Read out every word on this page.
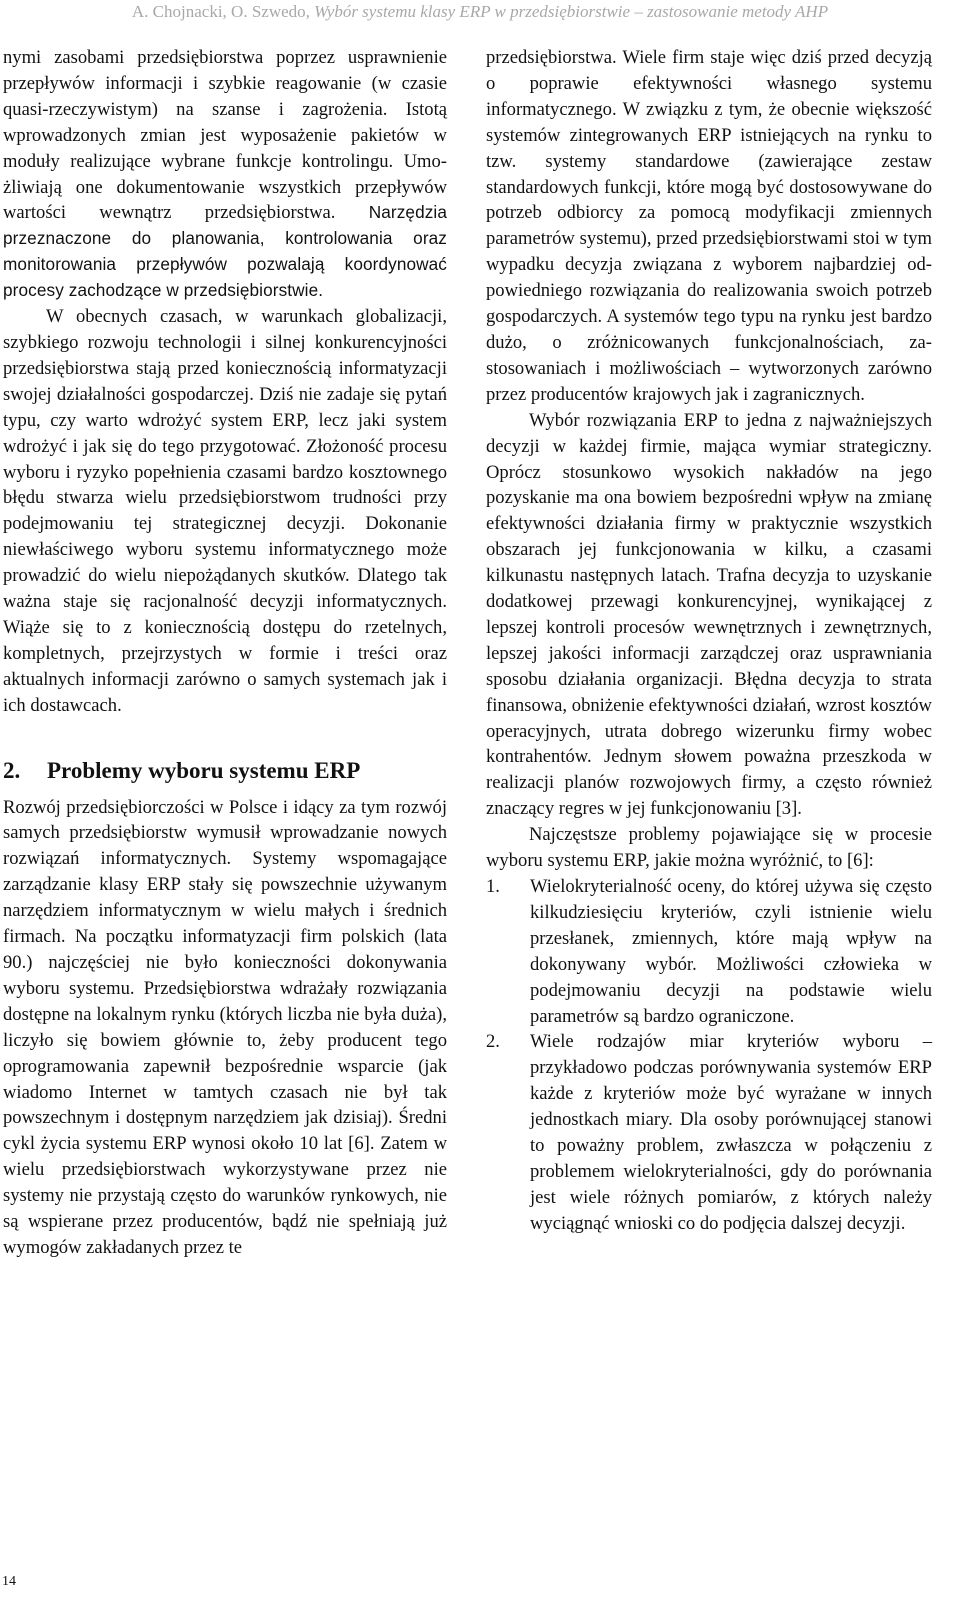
A. Chojnacki, O. Szwedo, Wybór systemu klasy ERP w przedsiębiorstwie – zastosowanie metody AHP

nymi zasobami przedsiębiorstwa poprzez usprawnienie przepływów informacji i szybkie reagowanie (w czasie quasi-rzeczywistym) na szanse i zagrożenia. Istotą wprowadzonych zmian jest wyposażenie pakietów w moduły realizujące wybrane funkcje kontrolingu. Umożliwiają one dokumentowanie wszystkich przepływów wartości wewnątrz przedsiębiorstwa. Narzędzia przeznaczone do planowania, kontrolowania oraz monitorowania przepływów pozwalają koordynować procesy zachodzące w przedsiębiorstwie.

W obecnych czasach, w warunkach globalizacji, szybkiego rozwoju technologii i silnej konkurencyjności przedsiębiorstwa stają przed koniecznością informatyzacji swojej działalności gospodarczej. Dziś nie zadaje się pytań typu, czy warto wdrożyć system ERP, lecz jaki system wdrożyć i jak się do tego przygotować. Złożoność procesu wyboru i ryzyko popełnienia czasami bardzo kosztownego błędu stwarza wielu przedsiębiorstwom trudności przy podejmowaniu tej strategicznej decyzji. Dokonanie niewłaściwego wyboru systemu informatycznego może prowadzić do wielu niepożądanych skutków. Dlatego tak ważna staje się racjonalność decyzji informatycznych. Wiąże się to z koniecznością dostępu do rzetelnych, kompletnych, przejrzystych w formie i treści oraz aktualnych informacji zarówno o samych systemach jak i ich dostawcach.

2. Problemy wyboru systemu ERP

Rozwój przedsiębiorczości w Polsce i idący za tym rozwój samych przedsiębiorstw wymusił wprowadzanie nowych rozwiązań informatycznych. Systemy wspomagające zarządzanie klasy ERP stały się powszechnie używanym narzędziem informatycznym w wielu małych i średnich firmach. Na początku informatyzacji firm polskich (lata 90.) najczęściej nie było konieczności dokonywania wyboru systemu. Przedsiębiorstwa wdrażały rozwiązania dostępne na lokalnym rynku (których liczba nie była duża), liczyło się bowiem głównie to, żeby producent tego oprogramowania zapewnił bezpośrednie wsparcie (jak wiadomo Internet w tamtych czasach nie był tak powszechnym i dostępnym narzędziem jak dzisiaj). Średni cykl życia systemu ERP wynosi około 10 lat [6]. Zatem w wielu przedsiębiorstwach wykorzystywane przez nie systemy nie przystają często do warunków rynkowych, nie są wspierane przez producentów, bądź nie spełniają już wymogów zakładanych przez te

przedsiębiorstwa. Wiele firm staje więc dziś przed decyzją o poprawie efektywności własnego systemu informatycznego. W związku z tym, że obecnie większość systemów zintegrowanych ERP istniejących na rynku to tzw. systemy standardowe (zawierające zestaw standardowych funkcji, które mogą być dostosowywane do potrzeb odbiorcy za pomocą modyfikacji zmiennych parametrów systemu), przed przedsiębiorstwami stoi w tym wypadku decyzja związana z wyborem najbardziej odpowiedniego rozwiązania do realizowania swoich potrzeb gospodarczych. A systemów tego typu na rynku jest bardzo dużo, o zróżnicowanych funkcjonalnościach, zastosowaniach i możliwościach – wytworzonych zarówno przez producentów krajowych jak i zagranicznych.

Wybór rozwiązania ERP to jedna z najważniejszych decyzji w każdej firmie, mająca wymiar strategiczny. Oprócz stosunkowo wysokich nakładów na jego pozyskanie ma ona bowiem bezpośredni wpływ na zmianę efektywności działania firmy w praktycznie wszystkich obszarach jej funkcjonowania w kilku, a czasami kilkunastu następnych latach. Trafna decyzja to uzyskanie dodatkowej przewagi konkurencyjnej, wynikającej z lepszej kontroli procesów wewnętrznych i zewnętrznych, lepszej jakości informacji zarządczej oraz usprawniania sposobu działania organizacji. Błędna decyzja to strata finansowa, obniżenie efektywności działań, wzrost kosztów operacyjnych, utrata dobrego wizerunku firmy wobec kontrahentów. Jednym słowem poważna przeszkoda w realizacji planów rozwojowych firmy, a często również znaczący regres w jej funkcjonowaniu [3].

Najczęstsze problemy pojawiające się w procesie wyboru systemu ERP, jakie można wyróżnić, to [6]:

1. Wielokryterialność oceny, do której używa się często kilkudziesięciu kryteriów, czyli istnienie wielu przesłanek, zmiennych, które mają wpływ na dokonywany wybór. Możliwości człowieka w podejmowaniu decyzji na podstawie wielu parametrów są bardzo ograniczone.
2. Wiele rodzajów miar kryteriów wyboru – przykładowo podczas porównywania systemów ERP każde z kryteriów może być wyrażane w innych jednostkach miary. Dla osoby porównującej stanowi to poważny problem, zwłaszcza w połączeniu z problemem wielokryterialności, gdy do porównania jest wiele różnych pomiarów, z których należy wyciągnąć wnioski co do podjęcia dalszej decyzji.
14
